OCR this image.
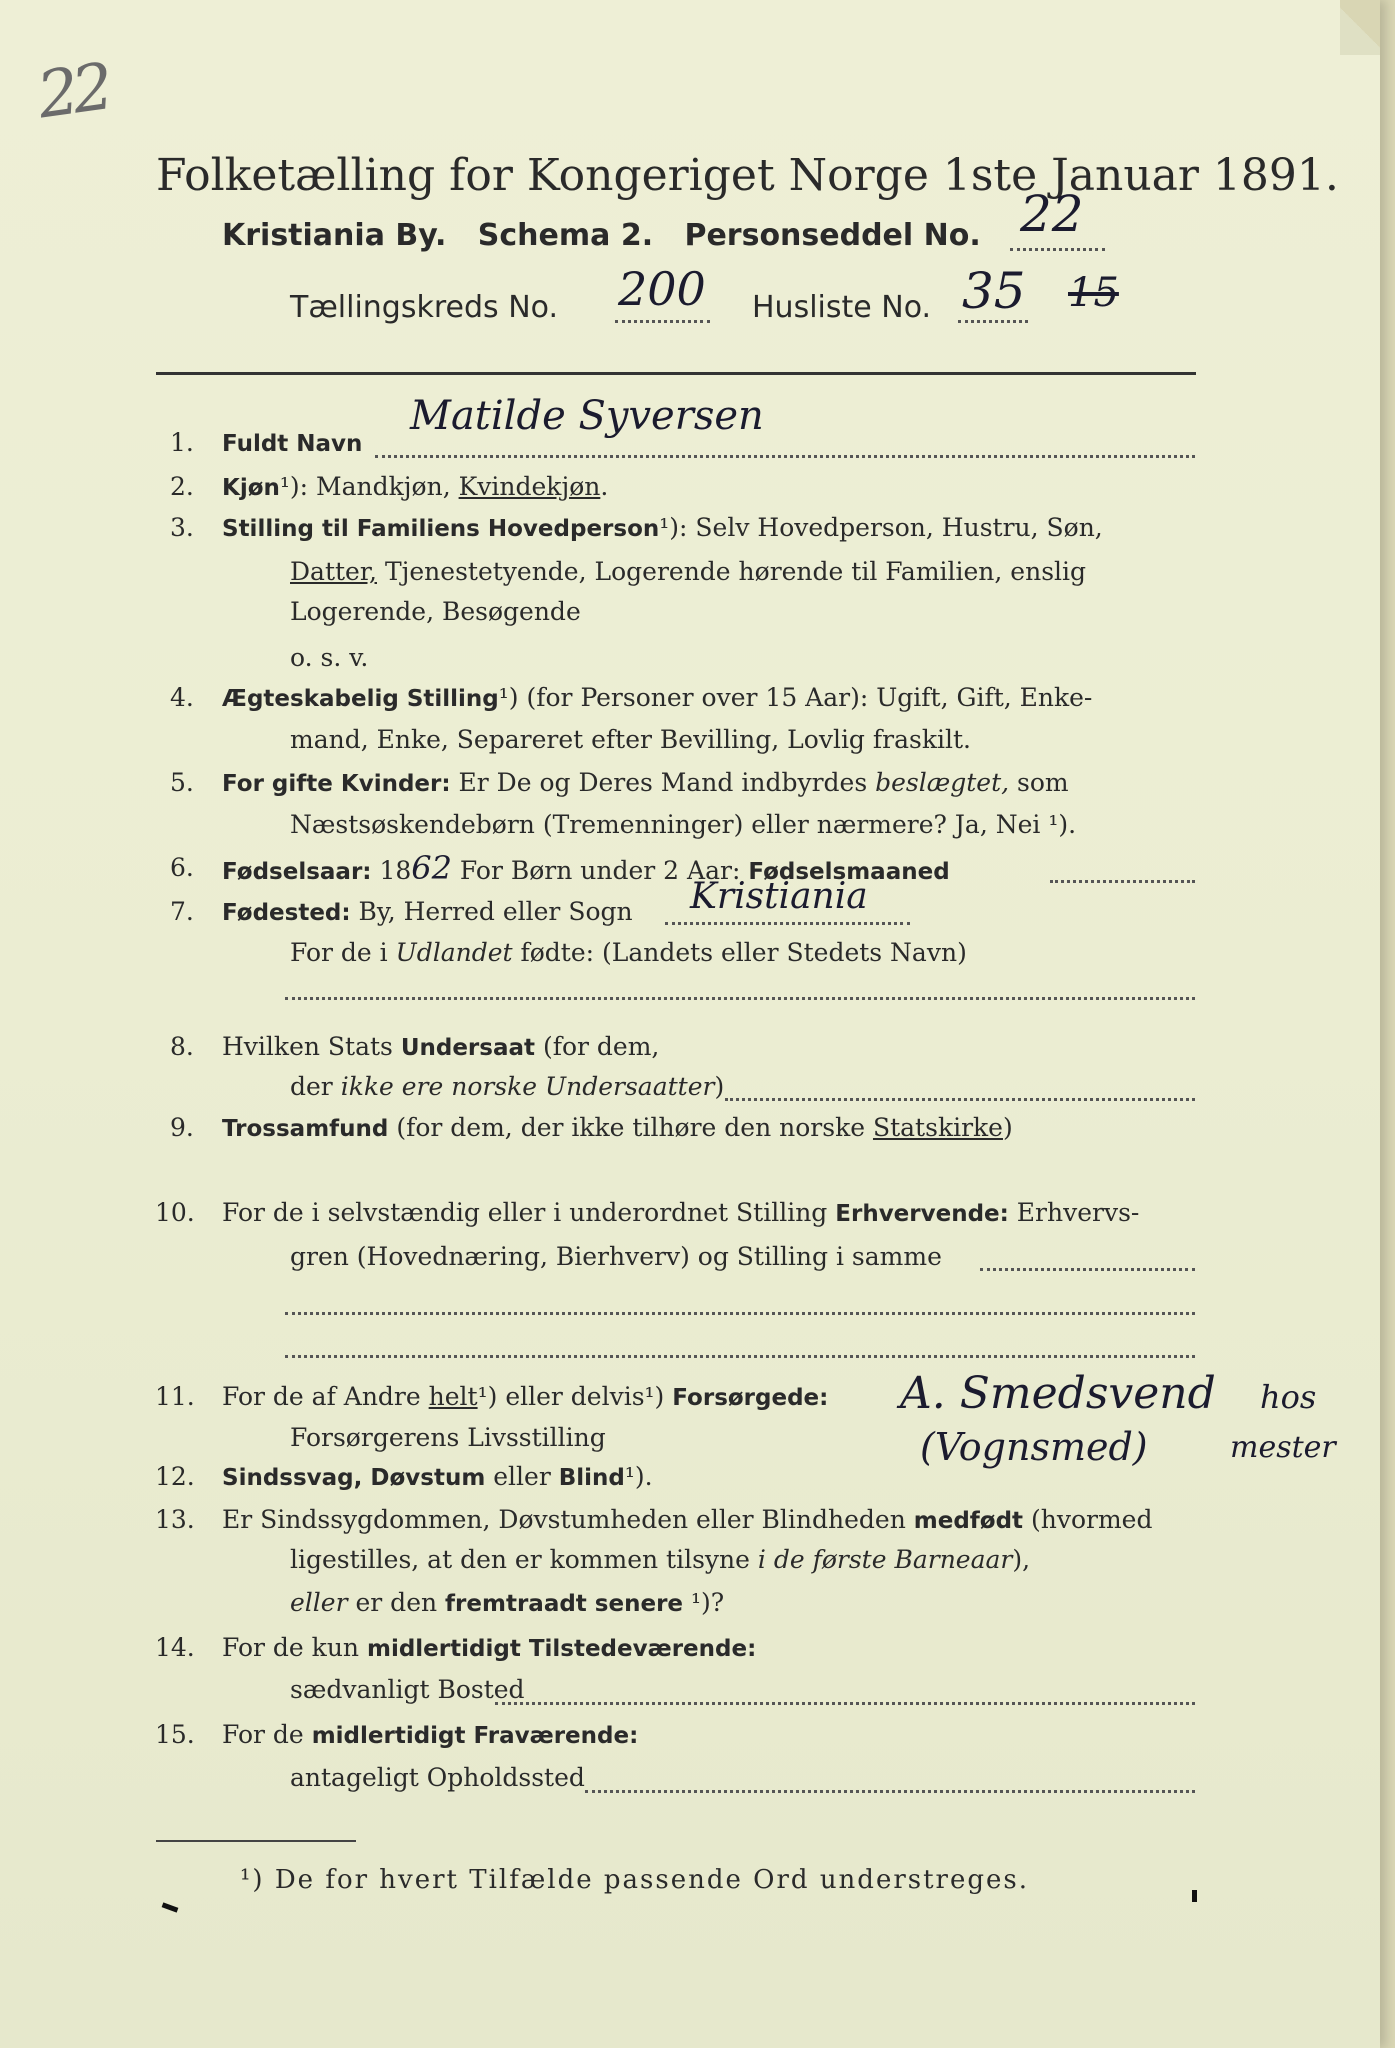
22
Folketælling for Kongeriget Norge 1ste Januar 1891.
Kristiania By. Schema 2. Personseddel No. 22
Tællingskreds No. 200 Husliste No. 35 15
1. Fuldt Navn
Matilde Syversen
2. Kjøn¹): Mandkjøn, Kvindekjøn.
3. Stilling til Familiens Hovedperson¹): Selv Hovedperson, Hustru, Søn,
Datter, Tjenestetyende, Logerende hørende til Familien, enslig
Logerende, Besøgende
o. s. v.
4. Ægteskabelig Stilling¹) (for Personer over 15 Aar): Ugift, Gift, Enke-
mand, Enke, Separeret efter Bevilling, Lovlig fraskilt.
5. For gifte Kvinder: Er De og Deres Mand indbyrdes beslægtet, som
Næstsøskendebørn (Tremenninger) eller nærmere? Ja, Nei ¹).
6. Fødselsaar: 1862 For Børn under 2 Aar: Fødselsmaaned
7. Fødested: By, Herred eller Sogn Kristiania
For de i Udlandet fødte: (Landets eller Stedets Navn)
8. Hvilken Stats Undersaat (for dem,
der ikke ere norske Undersaatter)
9. Trossamfund (for dem, der ikke tilhøre den norske Statskirke)
10. For de i selvstændig eller i underordnet Stilling Erhvervende: Erhvervs-
gren (Hovednæring, Bierhverv) og Stilling i samme
11. For de af Andre helt¹) eller delvis¹) Forsørgede:
Forsørgerens Livsstilling
A. Smedsvend hos
(Vognsmed)	mester
12. Sindssvag, Døvstum eller Blind¹).
13. Er Sindssygdommen, Døvstumheden eller Blindheden medfødt (hvormed
ligestilles, at den er kommen tilsyne i de første Barneaar),
eller er den fremtraadt senere ¹)?
14. For de kun midlertidigt Tilstedeværende:
sædvanligt Bosted
15. For de midlertidigt Fraværende:
antageligt Opholdssted
¹) De for hvert Tilfælde passende Ord understreges.
